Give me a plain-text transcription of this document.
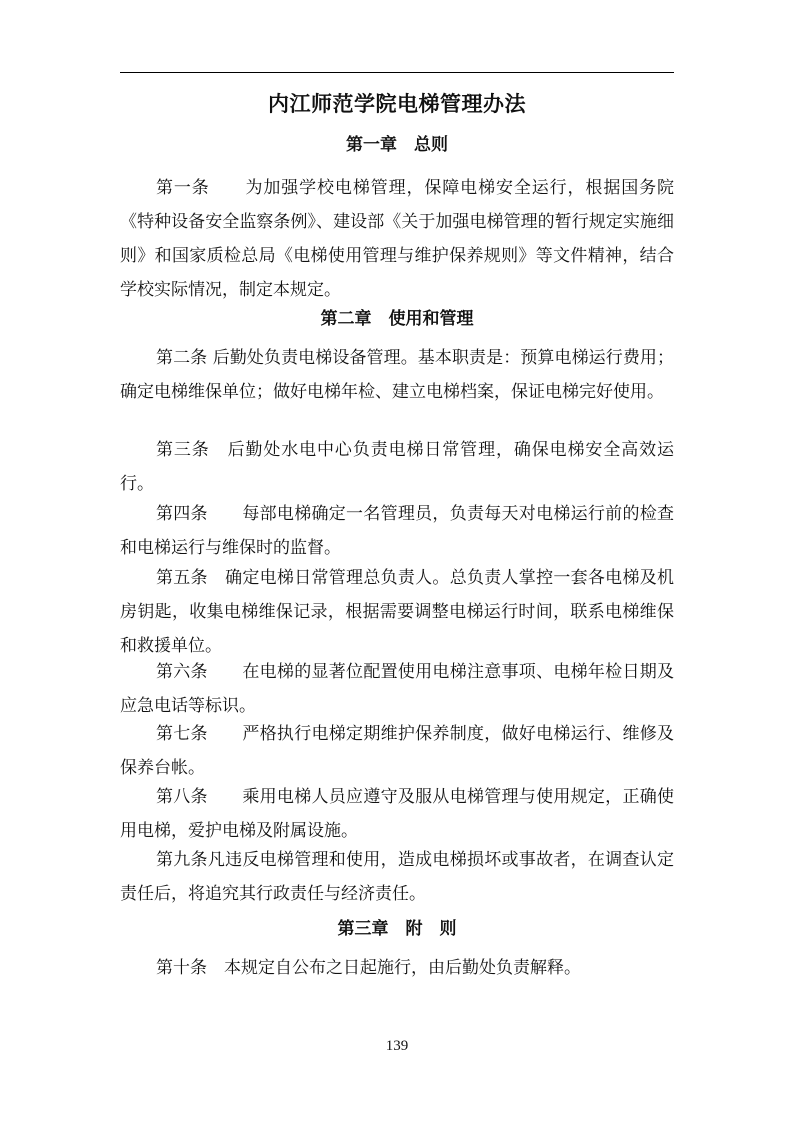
内江师范学院电梯管理办法
第一章　总则

第一条　　为加强学校电梯管理，保障电梯安全运行，根据国务院《特种设备安全监察条例》、建设部《关于加强电梯管理的暂行规定实施细则》和国家质检总局《电梯使用管理与维护保养规则》等文件精神，结合学校实际情况，制定本规定。

第二章　使用和管理

第二条 后勤处负责电梯设备管理。基本职责是：预算电梯运行费用；确定电梯维保单位；做好电梯年检、建立电梯档案，保证电梯完好使用。

第三条　后勤处水电中心负责电梯日常管理，确保电梯安全高效运行。

第四条　　每部电梯确定一名管理员，负责每天对电梯运行前的检查和电梯运行与维保时的监督。

第五条　确定电梯日常管理总负责人。总负责人掌控一套各电梯及机房钥匙，收集电梯维保记录，根据需要调整电梯运行时间，联系电梯维保和救援单位。

第六条　　在电梯的显著位配置使用电梯注意事项、电梯年检日期及应急电话等标识。

第七条　　严格执行电梯定期维护保养制度，做好电梯运行、维修及保养台帐。

第八条　　乘用电梯人员应遵守及服从电梯管理与使用规定，正确使用电梯，爱护电梯及附属设施。

第九条凡违反电梯管理和使用，造成电梯损坏或事故者，在调查认定责任后，将追究其行政责任与经济责任。

第三章　附　则

第十条　本规定自公布之日起施行，由后勤处负责解释。

139
